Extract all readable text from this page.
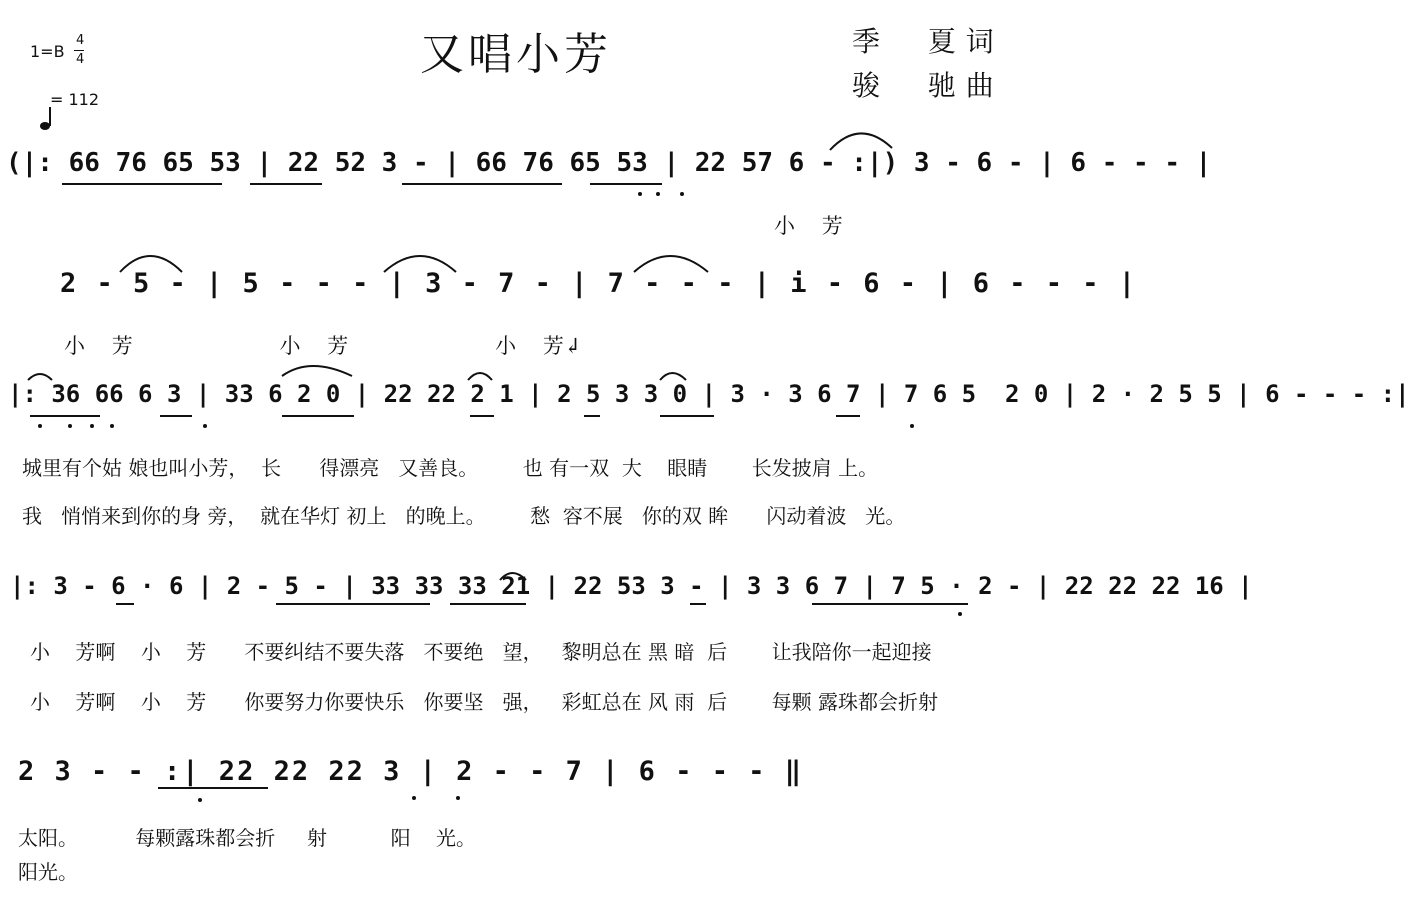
又唱小芳	季  夏词
骏  驰曲
1=B
4
4

= 112
(|: 66 76 65 53 | 22 52 3 - | 66 76 65 53 | 22 57 6 - :|) 3 - 6 - | 6 - - - |
小    芳
2 - 5 - | 5 - - - | 3 - 7 - | 7 - - - | i - 6 - | 6 - - - |
小    芳                      小    芳                      小    芳↲
|: 36 66 6 3 | 33 6 2 0 | 22 22 2 1 | 2 5 3 3 0 | 3 · 3 6 7 | 7 6 5  2 0 | 2 · 2 5 5 | 6 - - - :|
城里有个姑 娘也叫小芳，  长      得漂亮   又善良。       也 有一双  大    眼睛       长发披肩 上。
我   悄悄来到你的身 旁，  就在华灯 初上   的晚上。       愁  容不展   你的双 眸      闪动着波   光。
|: 3 - 6 · 6 | 2 - 5 - | 33 33 33 21 | 22 53 3 - | 3 3 6 7 | 7 5 · 2 - | 22 22 22 16 |
小    芳啊    小    芳      不要纠结不要失落   不要绝   望，   黎明总在 黑 暗  后       让我陪你一起迎接
小    芳啊    小    芳      你要努力你要快乐   你要坚   强，   彩虹总在 风 雨  后       每颗 露珠都会折射
2 3 - - :| 22 22 22 3 | 2 - - 7 | 6 - - - ‖
太阳。         每颗露珠都会折     射          阳    光。
阳光。
